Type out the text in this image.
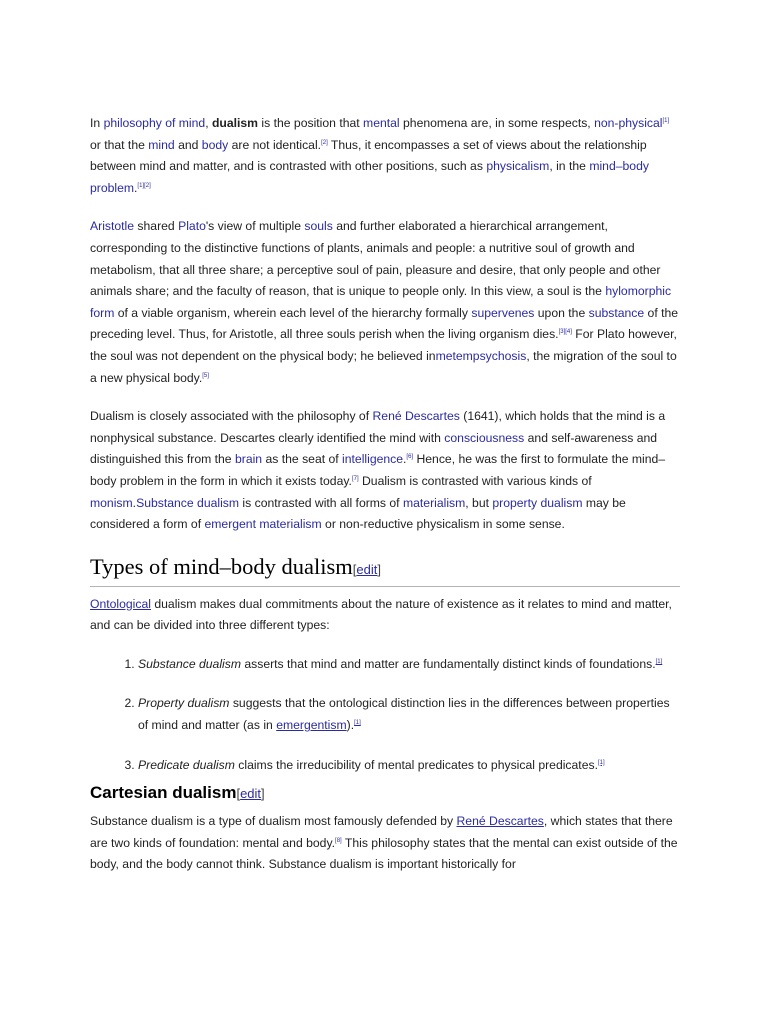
In philosophy of mind, dualism is the position that mental phenomena are, in some respects, non-physical[1] or that the mind and body are not identical.[2] Thus, it encompasses a set of views about the relationship between mind and matter, and is contrasted with other positions, such as physicalism, in the mind–body problem.[1][2]

Aristotle shared Plato's view of multiple souls and further elaborated a hierarchical arrangement, corresponding to the distinctive functions of plants, animals and people: a nutritive soul of growth and metabolism, that all three share; a perceptive soul of pain, pleasure and desire, that only people and other animals share; and the faculty of reason, that is unique to people only. In this view, a soul is the hylomorphic form of a viable organism, wherein each level of the hierarchy formally supervenes upon the substance of the preceding level. Thus, for Aristotle, all three souls perish when the living organism dies.[3][4] For Plato however, the soul was not dependent on the physical body; he believed inmetempsychosis, the migration of the soul to a new physical body.[5]

Dualism is closely associated with the philosophy of René Descartes (1641), which holds that the mind is a nonphysical substance. Descartes clearly identified the mind with consciousness and self-awareness and distinguished this from the brain as the seat of intelligence.[6] Hence, he was the first to formulate the mind–body problem in the form in which it exists today.[7] Dualism is contrasted with various kinds of monism.Substance dualism is contrasted with all forms of materialism, but property dualism may be considered a form of emergent materialism or non-reductive physicalism in some sense.

Types of mind–body dualism[edit]

Ontological dualism makes dual commitments about the nature of existence as it relates to mind and matter, and can be divided into three different types:

1. Substance dualism asserts that mind and matter are fundamentally distinct kinds of foundations.[1]
2. Property dualism suggests that the ontological distinction lies in the differences between properties of mind and matter (as in emergentism).[1]
3. Predicate dualism claims the irreducibility of mental predicates to physical predicates.[1]
Cartesian dualism[edit]

Substance dualism is a type of dualism most famously defended by René Descartes, which states that there are two kinds of foundation: mental and body.[8] This philosophy states that the mental can exist outside of the body, and the body cannot think. Substance dualism is important historically for
